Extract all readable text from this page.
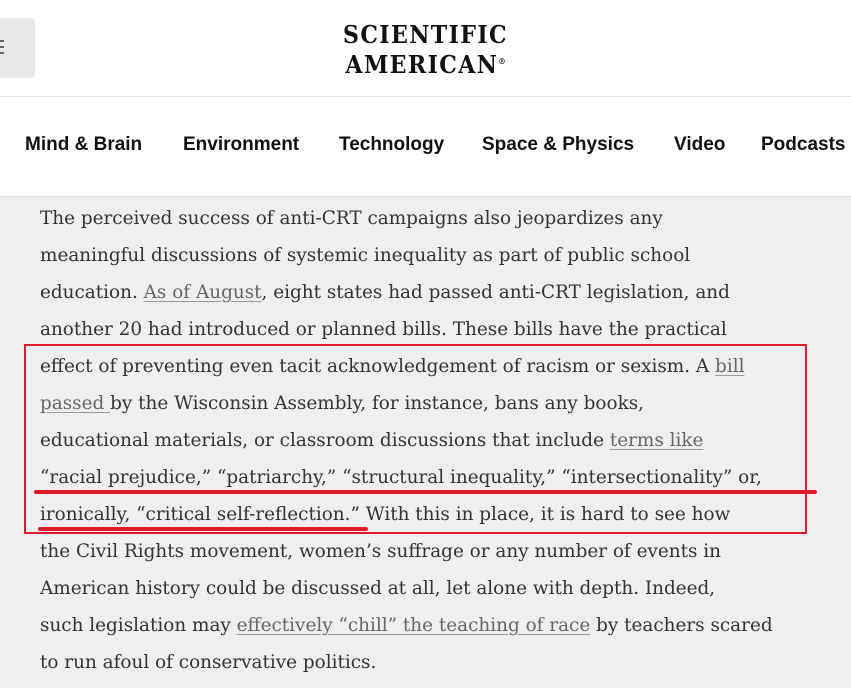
SCIENTIFIC
AMERICAN®
Mind & Brain Environment Technology Space & Physics Video Podcasts
The perceived success of anti-CRT campaigns also jeopardizes any
meaningful discussions of systemic inequality as part of public school
education. As of August, eight states had passed anti-CRT legislation, and
another 20 had introduced or planned bills. These bills have the practical
effect of preventing even tacit acknowledgement of racism or sexism. A bill
passed by the Wisconsin Assembly, for instance, bans any books,
educational materials, or classroom discussions that include terms like
“racial prejudice,” “patriarchy,” “structural inequality,” “intersectionality” or,
ironically, “critical self-reflection.” With this in place, it is hard to see how
the Civil Rights movement, women’s suffrage or any number of events in
American history could be discussed at all, let alone with depth. Indeed,
such legislation may effectively “chill” the teaching of race by teachers scared
to run afoul of conservative politics.
